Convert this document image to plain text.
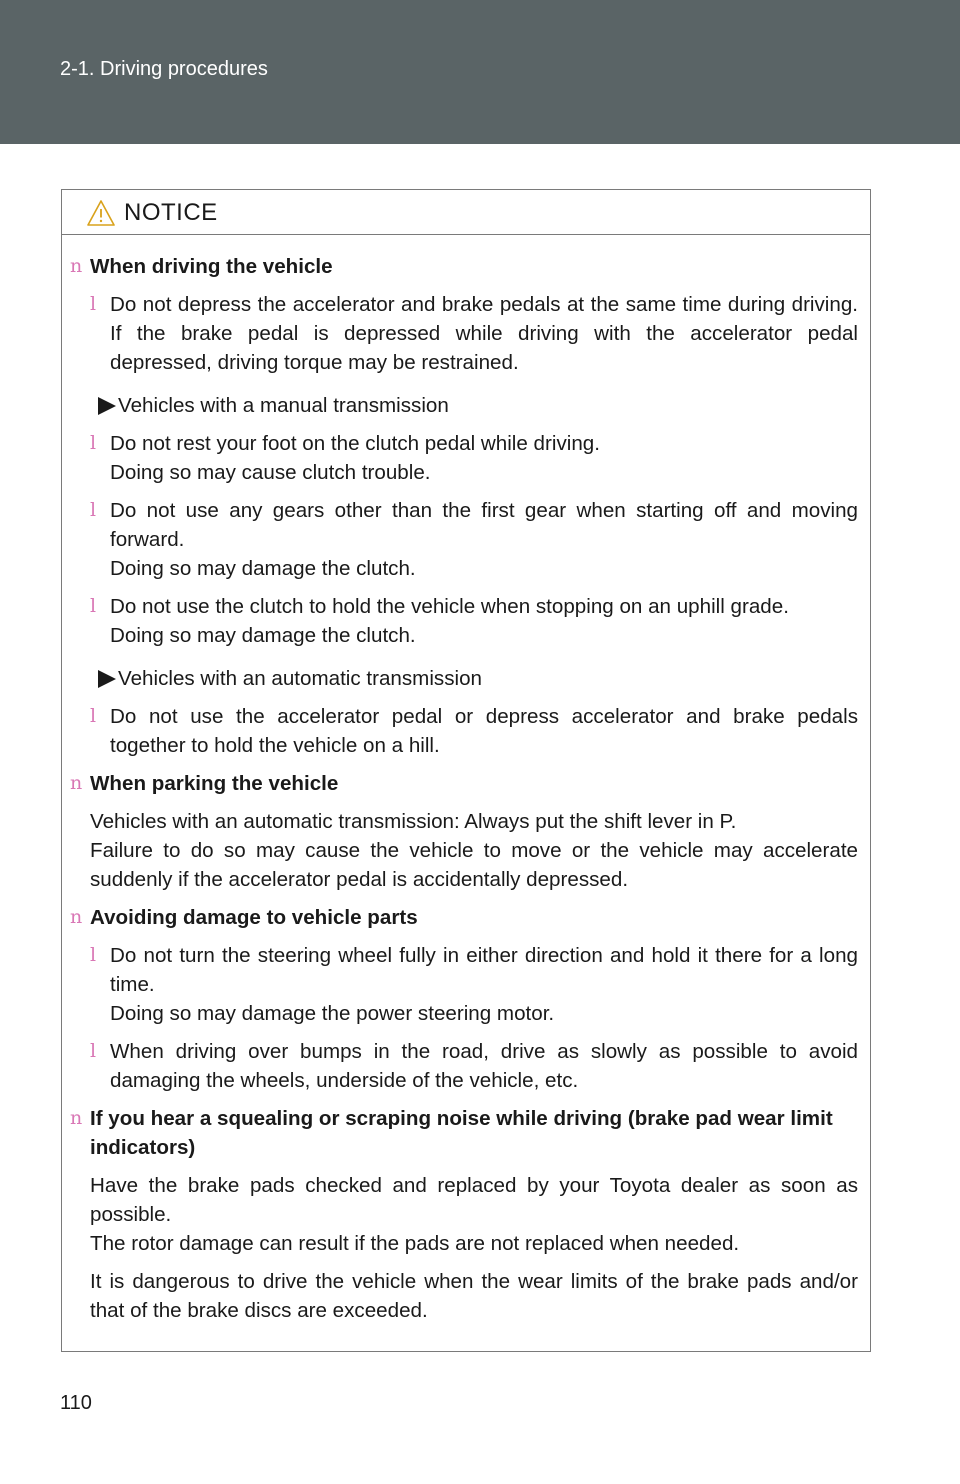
2-1. Driving procedures
NOTICE
n When driving the vehicle
l Do not depress the accelerator and brake pedals at the same time during driving. If the brake pedal is depressed while driving with the accelerator pedal depressed, driving torque may be restrained.
Vehicles with a manual transmission
l Do not rest your foot on the clutch pedal while driving.
Doing so may cause clutch trouble.
l Do not use any gears other than the first gear when starting off and moving forward.
Doing so may damage the clutch.
l Do not use the clutch to hold the vehicle when stopping on an uphill grade.
Doing so may damage the clutch.
Vehicles with an automatic transmission
l Do not use the accelerator pedal or depress accelerator and brake pedals together to hold the vehicle on a hill.
n When parking the vehicle
Vehicles with an automatic transmission: Always put the shift lever in P.
Failure to do so may cause the vehicle to move or the vehicle may accelerate suddenly if the accelerator pedal is accidentally depressed.
n Avoiding damage to vehicle parts
l Do not turn the steering wheel fully in either direction and hold it there for a long time.
Doing so may damage the power steering motor.
l When driving over bumps in the road, drive as slowly as possible to avoid damaging the wheels, underside of the vehicle, etc.
n If you hear a squealing or scraping noise while driving (brake pad wear limit indicators)
Have the brake pads checked and replaced by your Toyota dealer as soon as possible.
The rotor damage can result if the pads are not replaced when needed.
It is dangerous to drive the vehicle when the wear limits of the brake pads and/or that of the brake discs are exceeded.
110
